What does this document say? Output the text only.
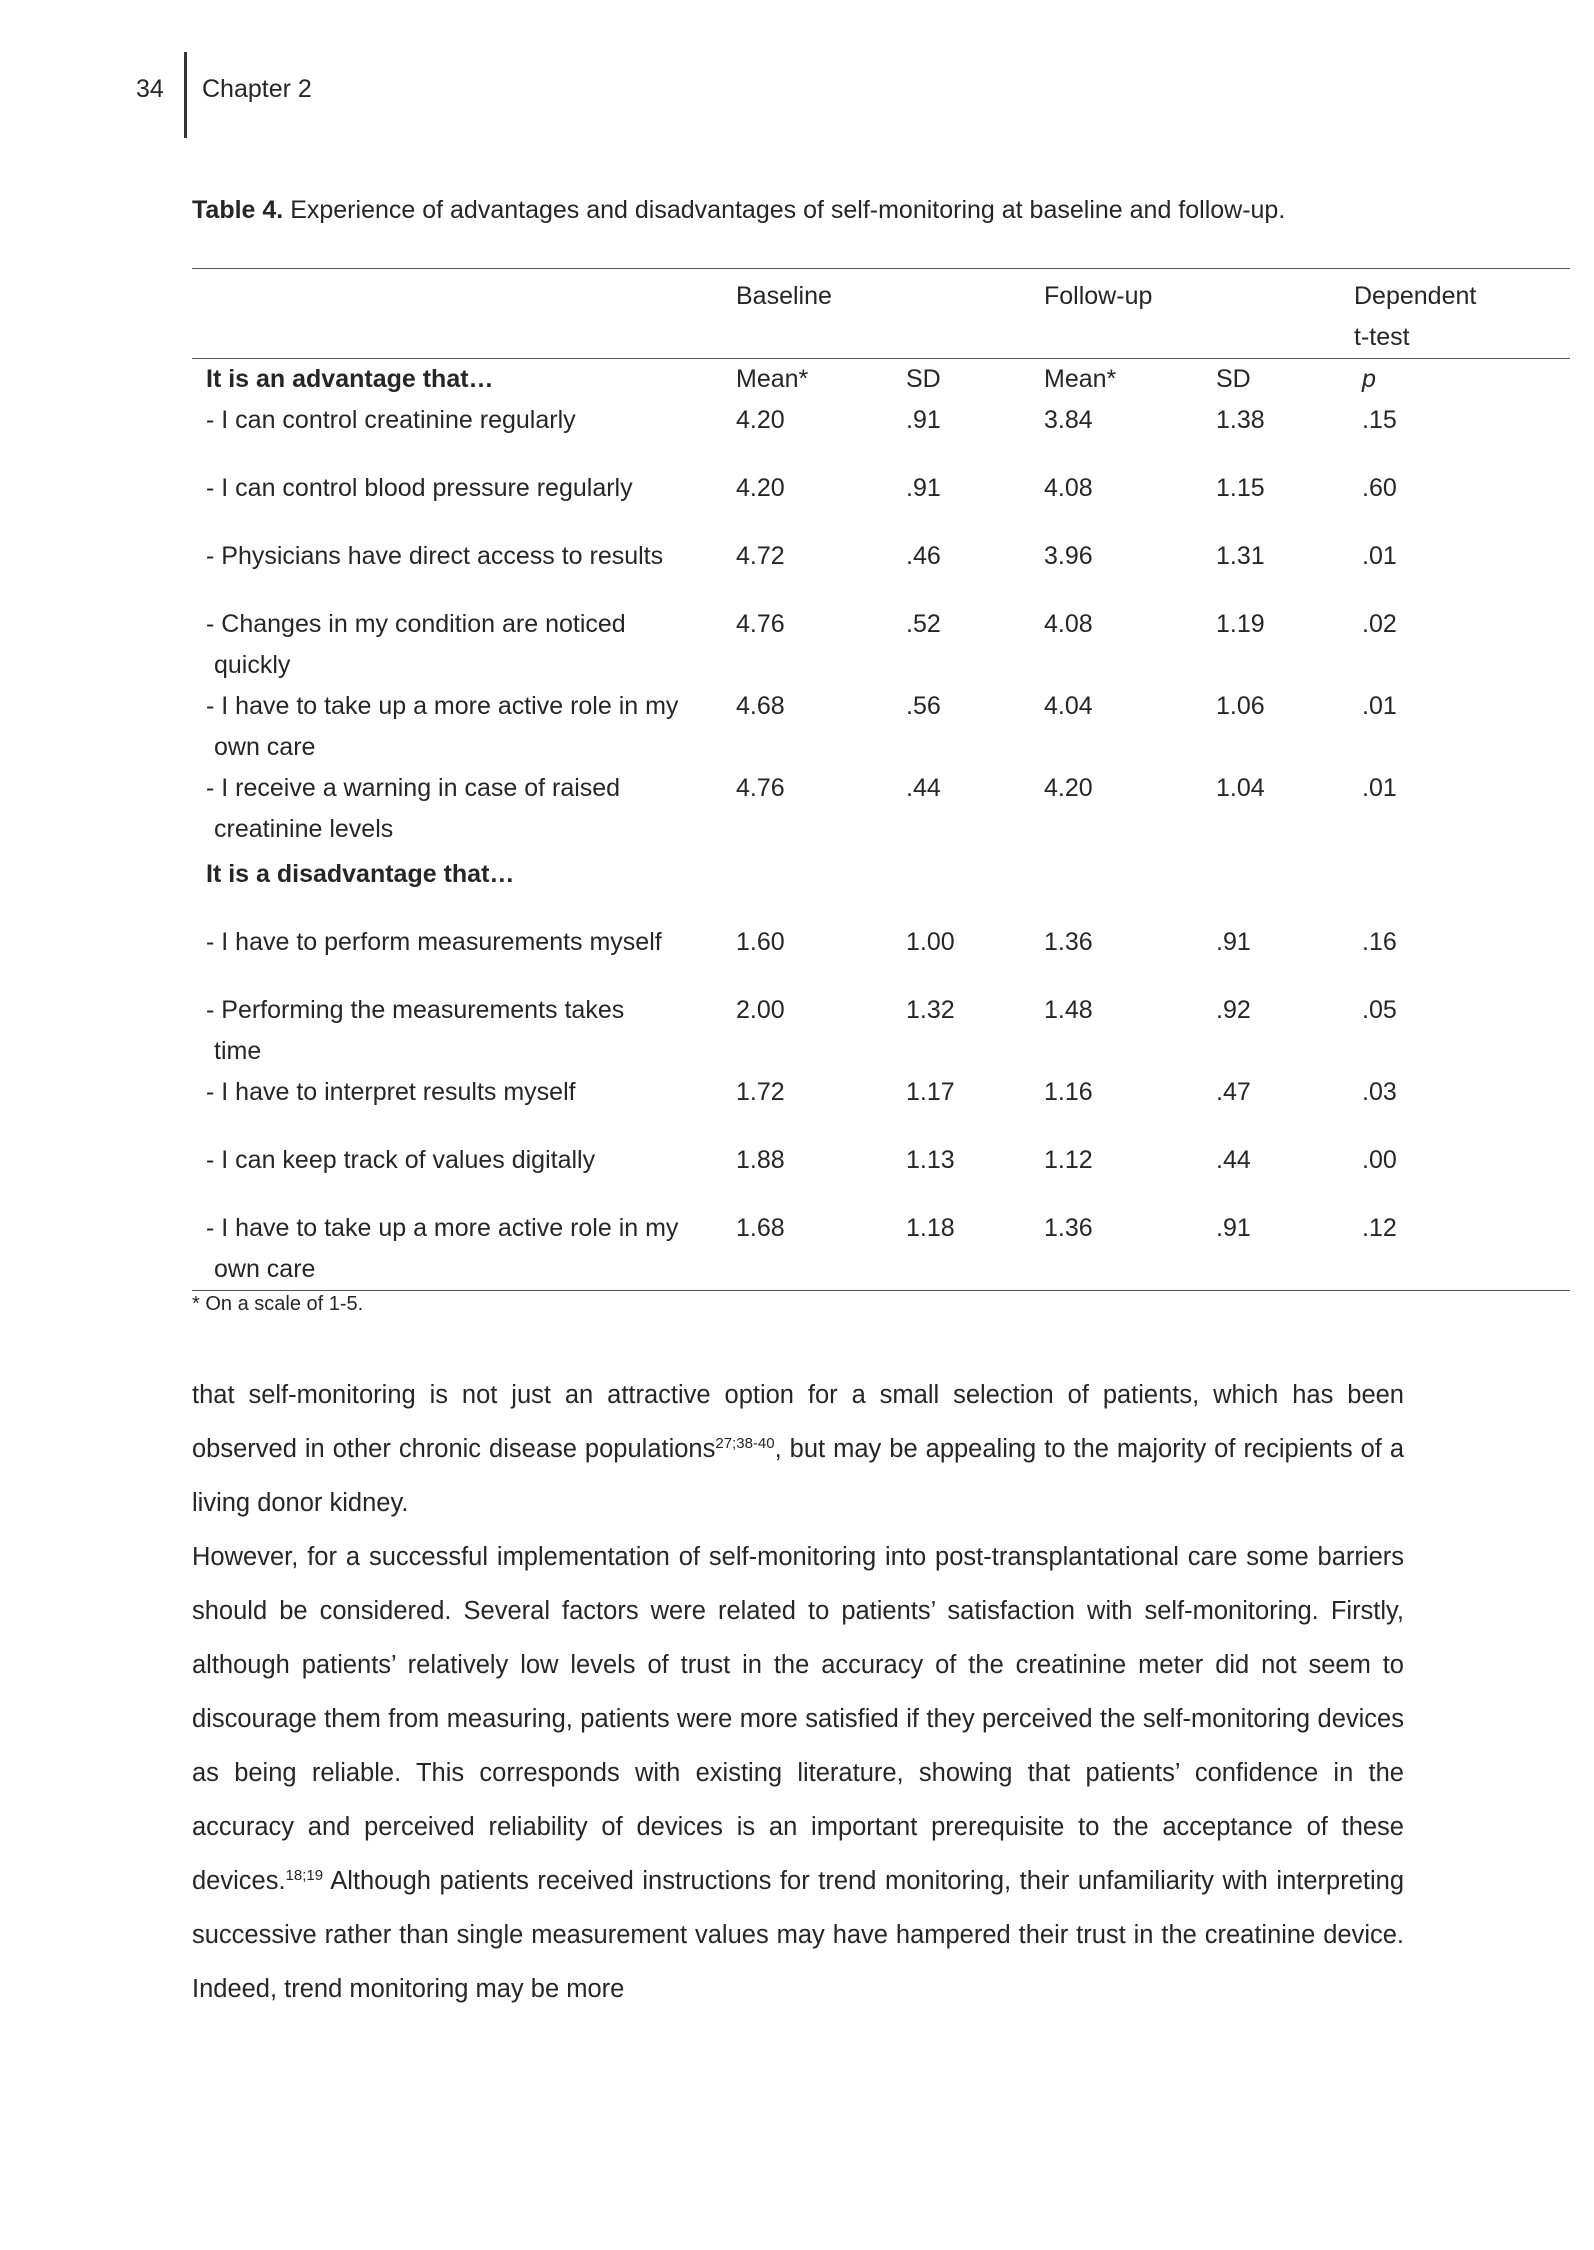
34 Chapter 2
Table 4. Experience of advantages and disadvantages of self-monitoring at baseline and follow-up.
	Baseline		Follow-up		Dependent
t-test
It is an advantage that…	Mean*	SD	Mean*	SD	p
- I can control creatinine regularly	4.20	.91	3.84	1.38	.15
- I can control blood pressure regularly	4.20	.91	4.08	1.15	.60
- Physicians have direct access to results	4.72	.46	3.96	1.31	.01
- Changes in my condition are noticed
quickly	4.76	.52	4.08	1.19	.02
- I have to take up a more active role in my
own care	4.68	.56	4.04	1.06	.01
- I receive a warning in case of raised
creatinine levels	4.76	.44	4.20	1.04	.01
It is a disadvantage that…					
- I have to perform measurements myself	1.60	1.00	1.36	.91	.16
- Performing the measurements takes
time	2.00	1.32	1.48	.92	.05
- I have to interpret results myself	1.72	1.17	1.16	.47	.03
- I can keep track of values digitally	1.88	1.13	1.12	.44	.00
- I have to take up a more active role in my
own care	1.68	1.18	1.36	.91	.12
* On a scale of 1-5.

that self-monitoring is not just an attractive option for a small selection of patients, which has been observed in other chronic disease populations$^{27;38-40}$, but may be appealing to the majority of recipients of a living donor kidney.

However, for a successful implementation of self-monitoring into post-transplantational care some barriers should be considered. Several factors were related to patients’ satisfaction with self-monitoring. Firstly, although patients’ relatively low levels of trust in the accuracy of the creatinine meter did not seem to discourage them from measuring, patients were more satisfied if they perceived the self-monitoring devices as being reliable. This corresponds with existing literature, showing that patients’ confidence in the accuracy and perceived reliability of devices is an important prerequisite to the acceptance of these devices.$^{18;19}$ Although patients received instructions for trend monitoring, their unfamiliarity with interpreting successive rather than single measurement values may have hampered their trust in the creatinine device. Indeed, trend monitoring may be more
